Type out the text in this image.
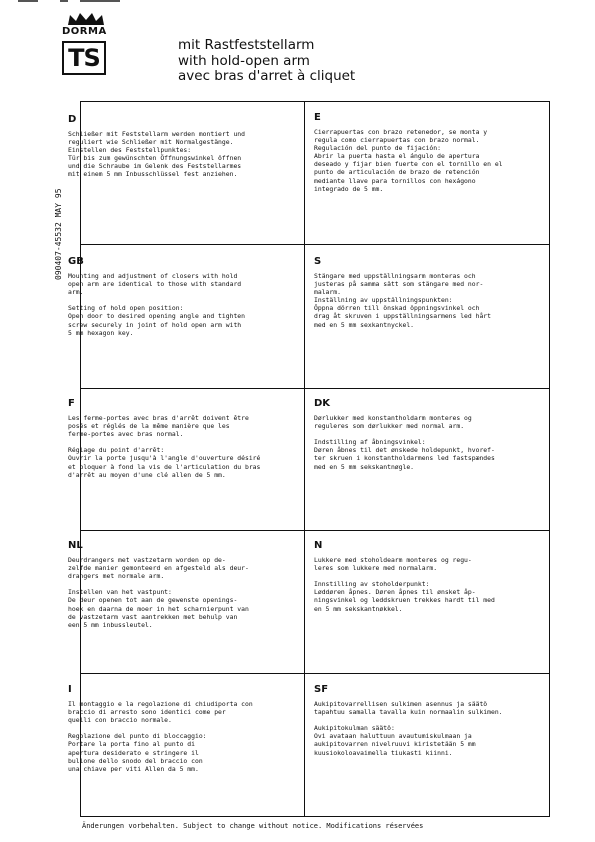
DORMA
TS	mit Rastfeststellarm
with hold-open arm
avec bras d'arret à cliquet
090407-45532 MAY 95
D
Schließer mit Feststellarm werden montiert und
reguliert wie Schließer mit Normalgestänge.
Einstellen des Feststellpunktes:
Tür bis zum gewünschten Öffnungswinkel öffnen
und die Schraube im Gelenk des Feststellarmes
mit einem 5 mm Inbusschlüssel fest anziehen.
E
Cierrapuertas con brazo retenedor, se monta y
regula como cierrapuertas con brazo normal.
Regulación del punto de fijación:
Abrir la puerta hasta el ángulo de apertura
deseado y fijar bien fuerte con el tornillo en el
punto de articulación de brazo de retención
mediante llave para tornillos con hexágono
integrado de 5 mm.
GB
Mounting and adjustment of closers with hold
open arm are identical to those with standard
arm.

Setting of hold open position:
Open door to desired opening angle and tighten
screw securely in joint of hold open arm with
5 mm hexagon key.
S
Stängare med uppställningsarm monteras och
justeras på samma sätt som stängare med nor-
malarm.
Inställning av uppställningspunkten:
Öppna dörren till önskad öppningsvinkel och
drag åt skruven i uppställningsarmens led hårt
med en 5 mm sexkantnyckel.
F
Les ferme-portes avec bras d'arrêt doivent être
posés et réglés de la même manière que les
ferme-portes avec bras normal.

Réglage du point d'arrêt:
Ouvrir la porte jusqu'à l'angle d'ouverture désiré
et bloquer à fond la vis de l'articulation du bras
d'arrêt au moyen d'une clé allen de 5 mm.
DK
Dørlukker med konstantholdarm monteres og
reguleres som dørlukker med normal arm.

Indstilling af åbningsvinkel:
Døren åbnes til det ønskede holdepunkt, hvoref-
ter skruen i konstantholdarmens led fastspændes
med en 5 mm sekskantnøgle.
NL
Deurdrangers met vastzetarm worden op de-
zelfde manier gemonteerd en afgesteld als deur-
drangers met normale arm.

Instellen van het vastpunt:
De deur openen tot aan de gewenste openings-
hoek en daarna de moer in het scharnierpunt van
de vastzetarm vast aantrekken met behulp van
een 5 mm inbussleutel.
N
Lukkere med stoholdearm monteres og regu-
leres som lukkere med normalarm.

Innstilling av stoholderpunkt:
Løddøren åpnes. Døren åpnes til ønsket åp-
ningsvinkel og leddskruen trekkes hardt til med
en 5 mm sekskantnøkkel.
I
Il montaggio e la regolazione di chiudiporta con
braccio di arresto sono identici come per
quelli con braccio normale.

Regolazione del punto di bloccaggio:
Portare la porta fino al punto di
apertura desiderato e stringere il
bullone dello snodo del braccio con
una chiave per viti Allen da 5 mm.
SF
Aukipitovarrellisen sulkimen asennus ja säätö
tapahtuu samalla tavalla kuin normaalin sulkimen.

Aukipitokulman säätö:
Ovi avataan haluttuun avautumiskulmaan ja
aukipitovarren nivelruuvi kiristetään 5 mm
kuusiokoloavaimella tiukasti kiinni.
Änderungen vorbehalten. Subject to change without notice. Modifications réservées
